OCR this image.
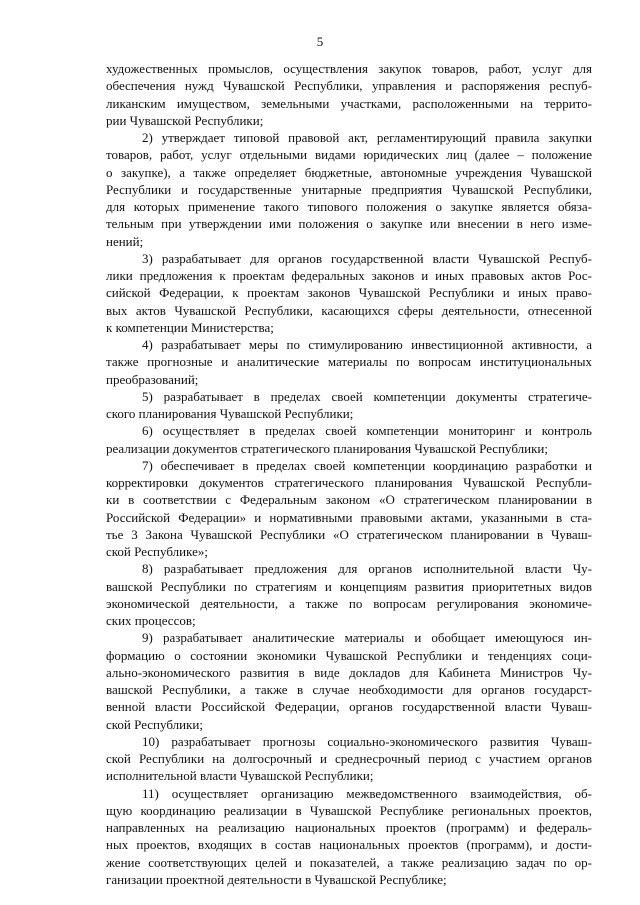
5
художественных промыслов, осуществления закупок товаров, работ, услуг для
обеспечения нужд Чувашской Республики, управления и распоряжения респуб-
ликанским имуществом, земельными участками, расположенными на террито-
рии Чувашской Республики;
2) утверждает типовой правовой акт, регламентирующий правила закупки
товаров, работ, услуг отдельными видами юридических лиц (далее – положение
о закупке), а также определяет бюджетные, автономные учреждения Чувашской
Республики и государственные унитарные предприятия Чувашской Республики,
для которых применение такого типового положения о закупке является обяза-
тельным при утверждении ими положения о закупке или внесении в него изме-
нений;
3) разрабатывает для органов государственной власти Чувашской Респуб-
лики предложения к проектам федеральных законов и иных правовых актов Рос-
сийской Федерации, к проектам законов Чувашской Республики и иных право-
вых актов Чувашской Республики, касающихся сферы деятельности, отнесенной
к компетенции Министерства;
4) разрабатывает меры по стимулированию инвестиционной активности, а
также прогнозные и аналитические материалы по вопросам институциональных
преобразований;
5) разрабатывает в пределах своей компетенции документы стратегиче-
ского планирования Чувашской Республики;
6) осуществляет в пределах своей компетенции мониторинг и контроль
реализации документов стратегического планирования Чувашской Республики;
7) обеспечивает в пределах своей компетенции координацию разработки и
корректировки документов стратегического планирования Чувашской Республи-
ки в соответствии с Федеральным законом «О стратегическом планировании в
Российской Федерации» и нормативными правовыми актами, указанными в ста-
тье 3 Закона Чувашской Республики «О стратегическом планировании в Чуваш-
ской Республике»;
8) разрабатывает предложения для органов исполнительной власти Чу-
вашской Республики по стратегиям и концепциям развития приоритетных видов
экономической деятельности, а также по вопросам регулирования экономиче-
ских процессов;
9) разрабатывает аналитические материалы и обобщает имеющуюся ин-
формацию о состоянии экономики Чувашской Республики и тенденциях соци-
ально-экономического развития в виде докладов для Кабинета Министров Чу-
вашской Республики, а также в случае необходимости для органов государст-
венной власти Российской Федерации, органов государственной власти Чуваш-
ской Республики;
10) разрабатывает прогнозы социально-экономического развития Чуваш-
ской Республики на долгосрочный и среднесрочный период с участием органов
исполнительной власти Чувашской Республики;
11) осуществляет организацию межведомственного взаимодействия, об-
щую координацию реализации в Чувашской Республике региональных проектов,
направленных на реализацию национальных проектов (программ) и федераль-
ных проектов, входящих в состав национальных проектов (программ), и дости-
жение соответствующих целей и показателей, а также реализацию задач по ор-
ганизации проектной деятельности в Чувашской Республике;
